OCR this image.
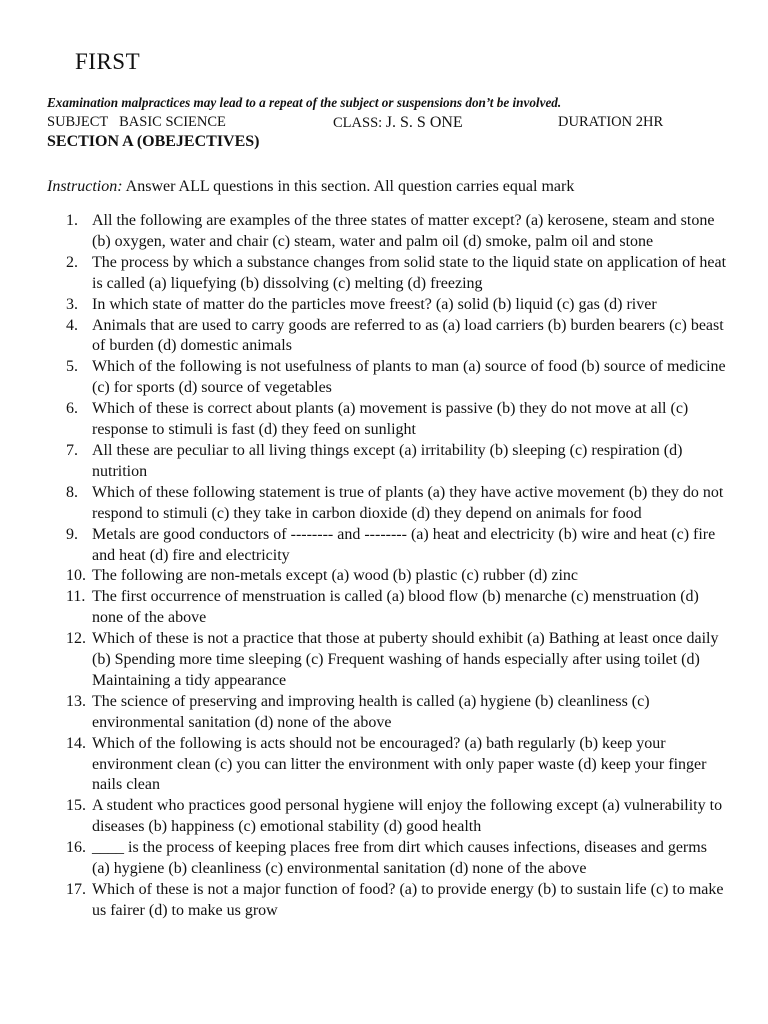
FIRST
Examination malpractices may lead to a repeat of the subject or suspensions don’t be involved.
SUBJECT BASIC SCIENCE	CLASS: J. S. S ONE	DURATION 2HR
SECTION A (OBEJECTIVES)
Instruction: Answer ALL questions in this section. All question carries equal mark
1. All the following are examples of the three states of matter except? (a) kerosene, steam and stone (b) oxygen, water and chair (c) steam, water and palm oil (d) smoke, palm oil and stone
2. The process by which a substance changes from solid state to the liquid state on application of heat is called (a) liquefying (b) dissolving (c) melting (d) freezing
3. In which state of matter do the particles move freest? (a) solid (b) liquid (c) gas (d) river
4. Animals that are used to carry goods are referred to as (a) load carriers (b) burden bearers (c) beast of burden (d) domestic animals
5. Which of the following is not usefulness of plants to man (a) source of food (b) source of medicine (c) for sports (d) source of vegetables
6. Which of these is correct about plants (a) movement is passive (b) they do not move at all (c) response to stimuli is fast (d) they feed on sunlight
7. All these are peculiar to all living things except (a) irritability (b) sleeping (c) respiration (d) nutrition
8. Which of these following statement is true of plants (a) they have active movement (b) they do not respond to stimuli (c) they take in carbon dioxide (d) they depend on animals for food
9. Metals are good conductors of -------- and -------- (a) heat and electricity (b) wire and heat (c) fire and heat (d) fire and electricity
10. The following are non-metals except (a) wood (b) plastic (c) rubber (d) zinc
11. The first occurrence of menstruation is called (a) blood flow (b) menarche (c) menstruation (d) none of the above
12. Which of these is not a practice that those at puberty should exhibit (a) Bathing at least once daily (b) Spending more time sleeping (c) Frequent washing of hands especially after using toilet (d) Maintaining a tidy appearance
13. The science of preserving and improving health is called (a) hygiene (b) cleanliness (c) environmental sanitation (d) none of the above
14. Which of the following is acts should not be encouraged? (a) bath regularly (b) keep your environment clean (c) you can litter the environment with only paper waste (d) keep your finger nails clean
15. A student who practices good personal hygiene will enjoy the following except (a) vulnerability to diseases (b) happiness (c) emotional stability (d) good health
16. ____ is the process of keeping places free from dirt which causes infections, diseases and germs (a) hygiene (b) cleanliness (c) environmental sanitation (d) none of the above
17. Which of these is not a major function of food? (a) to provide energy (b) to sustain life (c) to make us fairer (d) to make us grow
